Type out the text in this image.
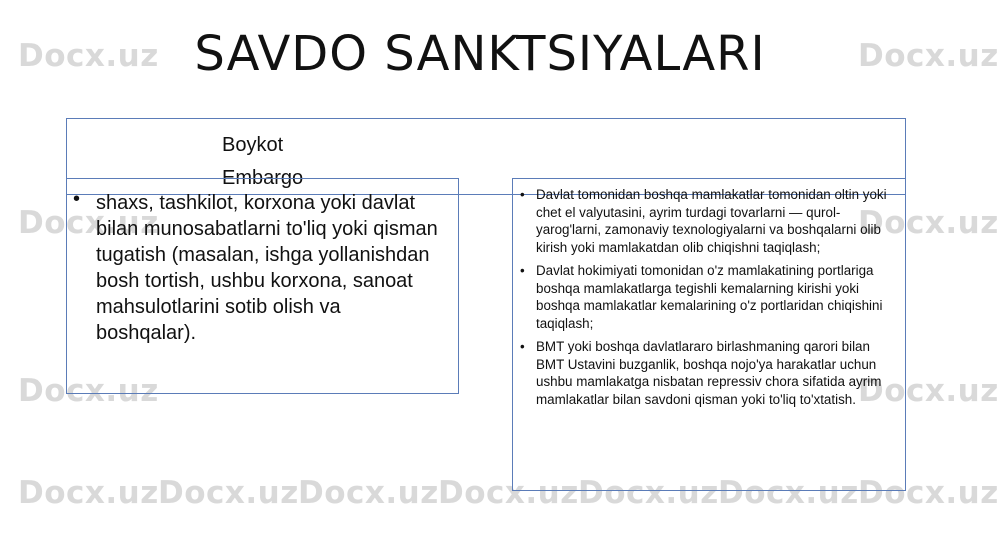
Docx.uz	Docx.uz
Docx.uz	Docx.uz
Docx.uz	Docx.uz
Docx.uz Docx.uz Docx.uz Docx.uz Docx.uz Docx.uz Docx.uz
SAVDO SANKTSIYALARI
Boykot
Embargo
• shaxs, tashkilot, korxona yoki davlat bilan munosabatlarni to'liq yoki qisman tugatish (masalan, ishga yollanishdan bosh tortish, ushbu korxona, sanoat mahsulotlarini sotib olish va boshqalar).
• Davlat tomonidan boshqa mamlakatlar tomonidan oltin yoki chet el valyutasini, ayrim turdagi tovarlarni — qurol-yarog'larni, zamonaviy texnologiyalarni va boshqalarni olib kirish yoki mamlakatdan olib chiqishni taqiqlash;
• Davlat hokimiyati tomonidan o'z mamlakatining portlariga boshqa mamlakatlarga tegishli kemalarning kirishi yoki boshqa mamlakatlar kemalarining o'z portlaridan chiqishini taqiqlash;
• BMT yoki boshqa davlatlararo birlashmaning qarori bilan BMT Ustavini buzganlik, boshqa nojo'ya harakatlar uchun ushbu mamlakatga nisbatan repressiv chora sifatida ayrim mamlakatlar bilan savdoni qisman yoki to'liq to'xtatish.
